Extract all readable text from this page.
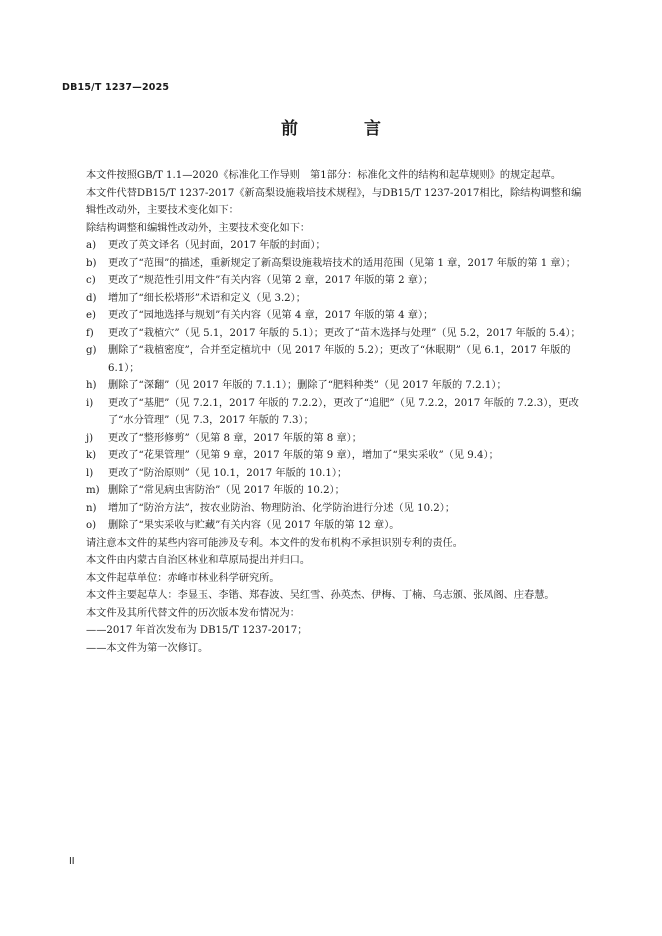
DB15/T 1237—2025
前 言

本文件按照GB/T 1.1—2020《标准化工作导则　第1部分：标准化文件的结构和起草规则》的规定起草。

本文件代替DB15/T 1237-2017《新高梨设施栽培技术规程》，与DB15/T 1237-2017相比，除结构调整和编辑性改动外，主要技术变化如下：

除结构调整和编辑性改动外，主要技术变化如下：

a)	更改了英文译名（见封面，2017 年版的封面）；
b)	更改了“范围”的描述，重新规定了新高梨设施栽培技术的适用范围（见第 1 章，2017 年版的第 1 章）；
c)	更改了“规范性引用文件”有关内容（见第 2 章，2017 年版的第 2 章）；
d)	增加了“细长松塔形”术语和定义（见 3.2）；
e)	更改了“园地选择与规划”有关内容（见第 4 章，2017 年版的第 4 章）；
f)	更改了“栽植穴”（见 5.1，2017 年版的 5.1）；更改了“苗木选择与处理”（见 5.2，2017 年版的 5.4）；
g)	删除了“栽植密度”，合并至定植坑中（见 2017 年版的 5.2）；更改了“休眠期”（见 6.1，2017 年版的 6.1）；
h)	删除了“深翻”（见 2017 年版的 7.1.1）；删除了“肥料种类”（见 2017 年版的 7.2.1）；
i)	更改了“基肥”（见 7.2.1，2017 年版的 7.2.2），更改了“追肥”（见 7.2.2，2017 年版的 7.2.3），更改了“水分管理”（见 7.3，2017 年版的 7.3）；
j)	更改了“整形修剪”（见第 8 章，2017 年版的第 8 章）；
k)	更改了“花果管理”（见第 9 章，2017 年版的第 9 章），增加了“果实采收”（见 9.4）；
l)	更改了“防治原则”（见 10.1，2017 年版的 10.1）；
m) 删除了“常见病虫害防治”（见 2017 年版的 10.2）；
n)	增加了“防治方法”，按农业防治、物理防治、化学防治进行分述（见 10.2）；
o)	删除了“果实采收与贮藏”有关内容（见 2017 年版的第 12 章）。

请注意本文件的某些内容可能涉及专利。本文件的发布机构不承担识别专利的责任。

本文件由内蒙古自治区林业和草原局提出并归口。

本文件起草单位：赤峰市林业科学研究所。

本文件主要起草人：李显玉、李锴、郑春波、吴红雪、孙英杰、伊梅、丁楠、乌志颁、张凤阁、庄春慧。

本文件及其所代替文件的历次版本发布情况为：

——2017 年首次发布为 DB15/T 1237-2017；

——本文件为第一次修订。

II
